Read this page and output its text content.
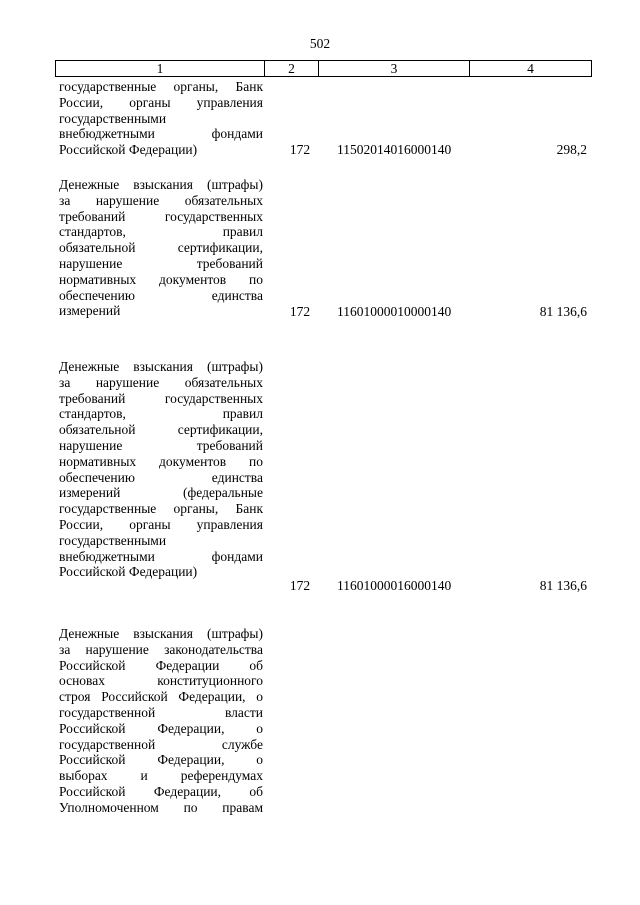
502
1	2	3	4
государственные органы, Банк
России, органы управления
государственными
внебюджетными фондами
Российской Федерации)	172	11502014016000140	298,2
Денежные взыскания (штрафы)
за нарушение обязательных
требований государственных
стандартов, правил
обязательной сертификации,
нарушение требований
нормативных документов по
обеспечению единства
измерений	172	11601000010000140	81 136,6
Денежные взыскания (штрафы)
за нарушение обязательных
требований государственных
стандартов, правил
обязательной сертификации,
нарушение требований
нормативных документов по
обеспечению единства
измерений (федеральные
государственные органы, Банк
России, органы управления
государственными
внебюджетными фондами
Российской Федерации)
172	11601000016000140	81 136,6
Денежные взыскания (штрафы)
за нарушение законодательства
Российской Федерации об
основах конституционного
строя Российской Федерации, о
государственной власти
Российской Федерации, о
государственной службе
Российской Федерации, о
выборах и референдумах
Российской Федерации, об
Уполномоченном по правам
